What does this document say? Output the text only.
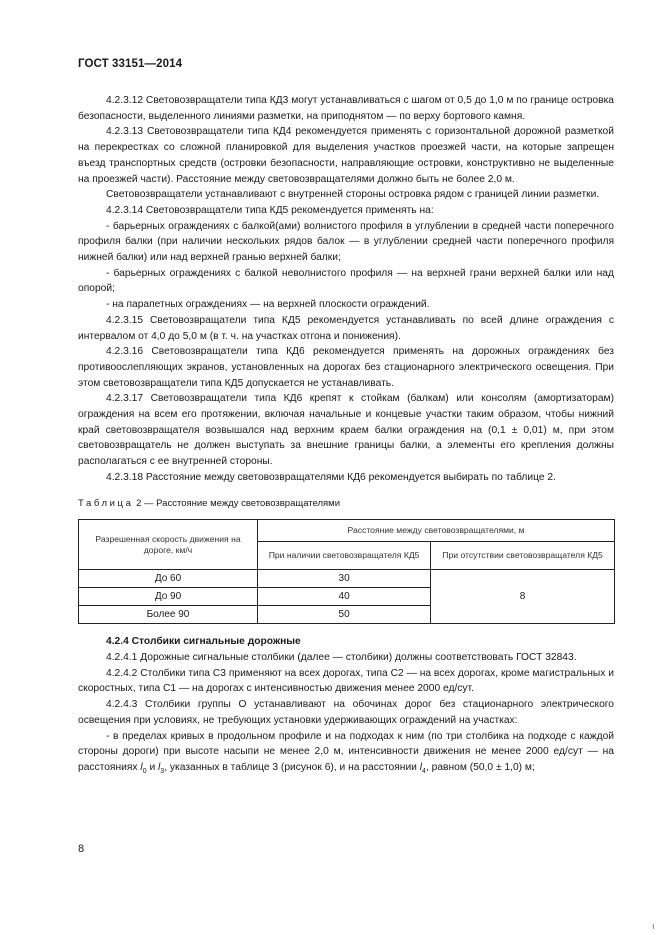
ГОСТ 33151—2014

4.2.3.12 Световозвращатели типа КД3 могут устанавливаться с шагом от 0,5 до 1,0 м по границе островка безопасности, выделенного линиями разметки, на приподнятом — по верху бортового камня.

4.2.3.13 Световозвращатели типа КД4 рекомендуется применять с горизонтальной дорожной разметкой на перекрестках со сложной планировкой для выделения участков проезжей части, на которые запрещен въезд транспортных средств (островки безопасности, направляющие островки, конструктивно не выделенные на проезжей части). Расстояние между световозвращателями должно быть не более 2,0 м.

Световозвращатели устанавливают с внутренней стороны островка рядом с границей линии разметки.

4.2.3.14 Световозвращатели типа КД5 рекомендуется применять на:

- барьерных ограждениях с балкой(ами) волнистого профиля в углублении в средней части поперечного профиля балки (при наличии нескольких рядов балок — в углублении средней части поперечного профиля нижней балки) или над верхней гранью верхней балки;

- барьерных ограждениях с балкой неволнистого профиля — на верхней грани верхней балки или над опорой;

- на парапетных ограждениях — на верхней плоскости ограждений.

4.2.3.15 Световозвращатели типа КД5 рекомендуется устанавливать по всей длине ограждения с интервалом от 4,0 до 5,0 м (в т. ч. на участках отгона и понижения).

4.2.3.16 Световозвращатели типа КД6 рекомендуется применять на дорожных ограждениях без противоослепляющих экранов, установленных на дорогах без стационарного электрического освещения. При этом световозвращатели типа КД5 допускается не устанавливать.

4.2.3.17 Световозвращатели типа КД6 крепят к стойкам (балкам) или консолям (амортизаторам) ограждения на всем его протяжении, включая начальные и концевые участки таким образом, чтобы нижний край световозвращателя возвышался над верхним краем балки ограждения на (0,1 ± 0,01) м, при этом световозвращатель не должен выступать за внешние границы балки, а элементы его крепления должны располагаться с ее внутренней стороны.

4.2.3.18 Расстояние между световозвращателями КД6 рекомендуется выбирать по таблице 2.

Таблица 2 — Расстояние между световозвращателями

Разрешенная скорость движения на дороге, км/ч	Расстояние между световозвращателями, м	
	При наличии световозвращателя КД5	При отсутствии световозвращателя КД5
До 60	30	8
До 90	40	
Более 90	50	

4.2.4 Столбики сигнальные дорожные

4.2.4.1 Дорожные сигнальные столбики (далее — столбики) должны соответствовать ГОСТ 32843.

4.2.4.2 Столбики типа С3 применяют на всех дорогах, типа С2 — на всех дорогах, кроме магистральных и скоростных, типа С1 — на дорогах с интенсивностью движения менее 2000 ед/сут.

4.2.4.3 Столбики группы О устанавливают на обочинах дорог без стационарного электрического освещения при условиях, не требующих установки удерживающих ограждений на участках:

- в пределах кривых в продольном профиле и на подходах к ним (по три столбика на подходе с каждой стороны дороги) при высоте насыпи не менее 2,0 м, интенсивности движения не менее 2000 ед/сут — на расстояниях $l_0$ и $l_3$, указанных в таблице 3 (рисунок 6), и на расстоянии $l_4$, равном (50,0 ± 1,0) м;

8
ı
